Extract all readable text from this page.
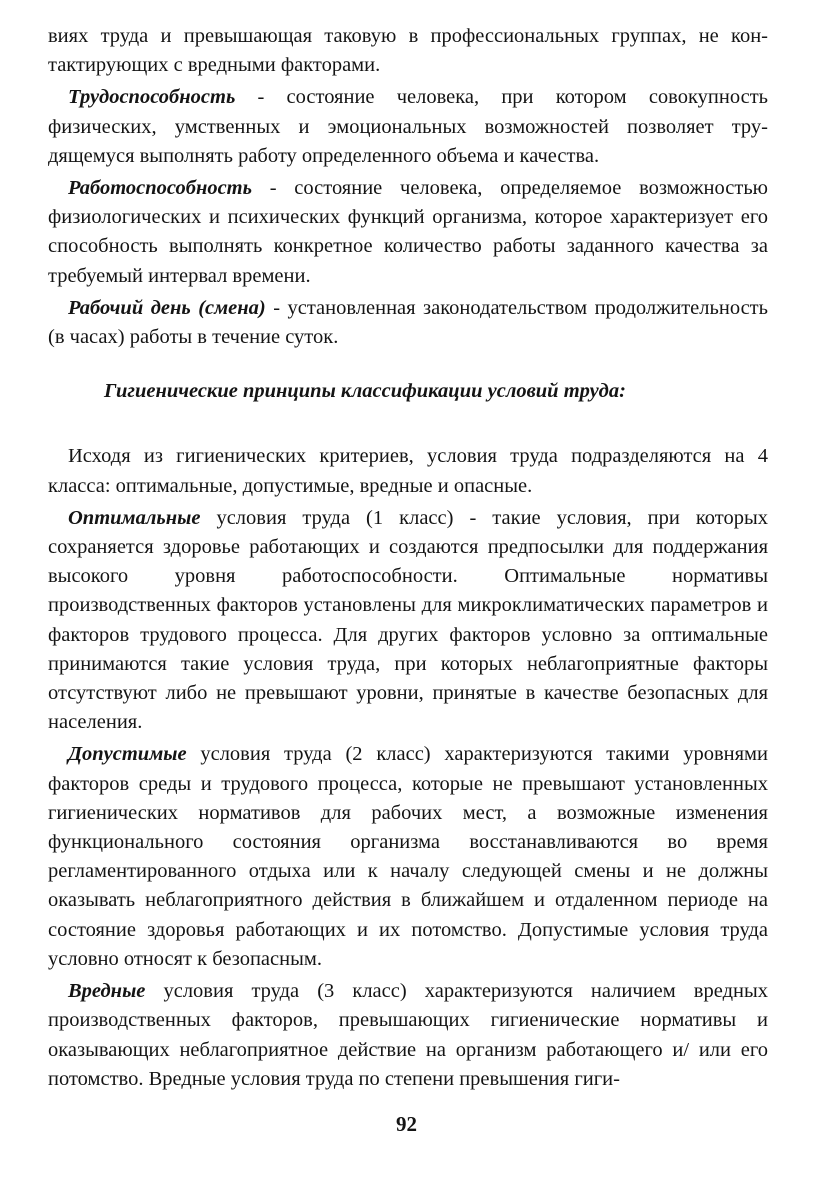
виях труда и превышающая таковую в профессиональных группах, не контактирующих с вредными факторами.

Трудоспособность - состояние человека, при котором совокупность физических, умственных и эмоциональных возможностей позволяет трудящемуся выполнять работу определенного объема и качества.

Работоспособность - состояние человека, определяемое возможностью физиологических и психических функций организма, которое характеризует его способность выполнять конкретное количество работы заданного качества за требуемый интервал времени.

Рабочий день (смена) - установленная законодательством продолжительность (в часах) работы в течение суток.

Гигиенические принципы классификации условий труда:

Исходя из гигиенических критериев, условия труда подразделяются на 4 класса: оптимальные, допустимые, вредные и опасные.

Оптимальные условия труда (1 класс) - такие условия, при которых сохраняется здоровье работающих и создаются предпосылки для поддержания высокого уровня работоспособности. Оптимальные нормативы производственных факторов установлены для микроклиматических параметров и факторов трудового процесса. Для других факторов условно за оптимальные принимаются такие условия труда, при которых неблагоприятные факторы отсутствуют либо не превышают уровни, принятые в качестве безопасных для населения.

Допустимые условия труда (2 класс) характеризуются такими уровнями факторов среды и трудового процесса, которые не превышают установленных гигиенических нормативов для рабочих мест, а возможные изменения функционального состояния организма восстанавливаются во время регламентированного отдыха или к началу следующей смены и не должны оказывать неблагоприятного действия в ближайшем и отдаленном периоде на состояние здоровья работающих и их потомство. Допустимые условия труда условно относят к безопасным.

Вредные условия труда (3 класс) характеризуются наличием вредных производственных факторов, превышающих гигиенические нормативы и оказывающих неблагоприятное действие на организм работающего и/ или его потомство. Вредные условия труда по степени превышения гиги-

92
